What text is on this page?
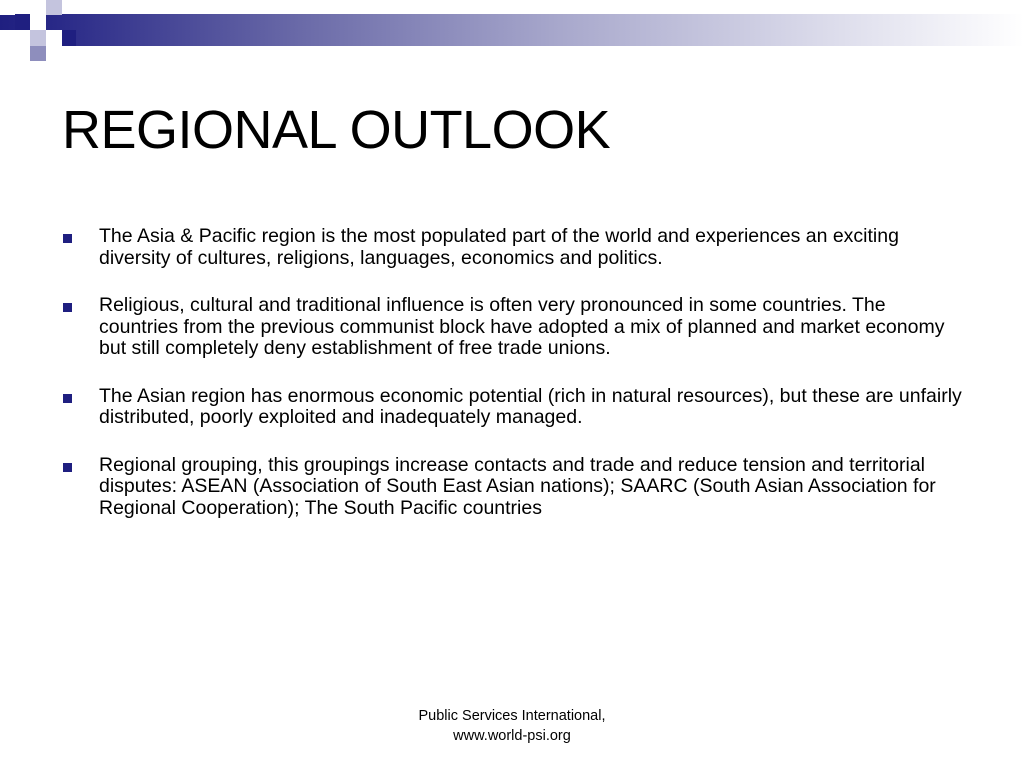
REGIONAL OUTLOOK
The Asia & Pacific region is the most populated part of the world and experiences an exciting diversity of cultures, religions, languages, economics and politics.
Religious, cultural and traditional influence is often very pronounced in some countries. The countries from the previous communist block have adopted a mix of planned and market economy but still completely deny establishment of free trade unions.
The Asian region has enormous economic potential (rich in natural resources), but these are unfairly distributed, poorly exploited and inadequately managed.
Regional grouping, this groupings increase contacts and trade and reduce tension and territorial disputes: ASEAN (Association of South East Asian nations); SAARC (South Asian Association for Regional Cooperation); The South Pacific countries
Public Services International,
www.world-psi.org
